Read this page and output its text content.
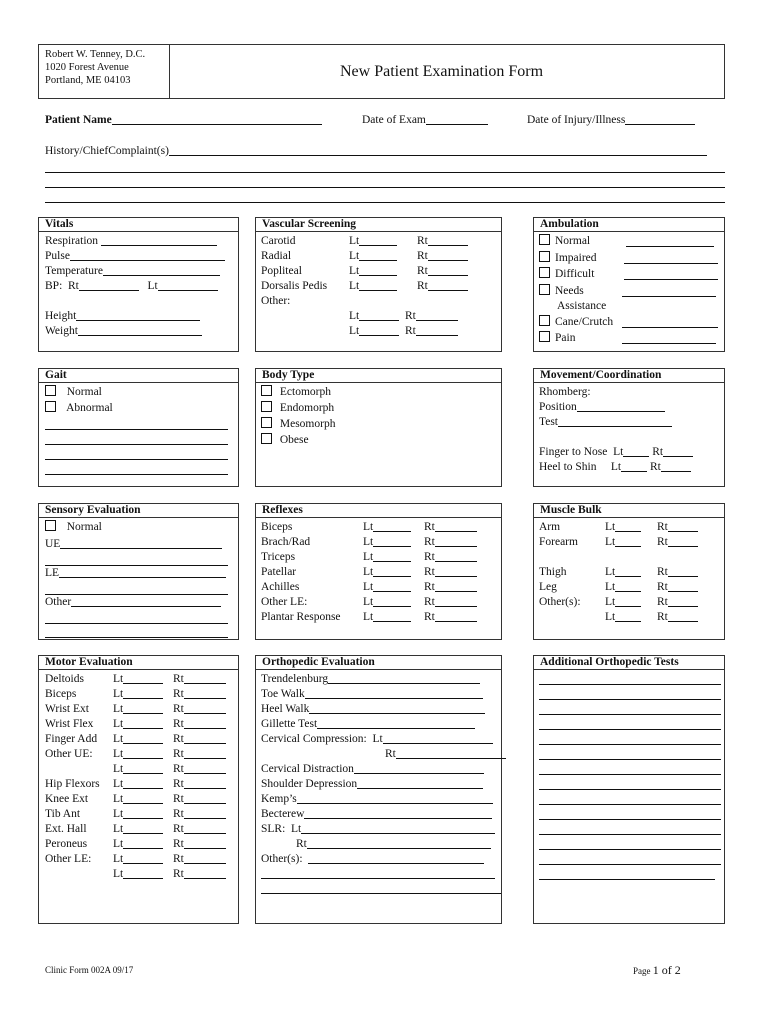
Robert W. Tenney, D.C.
1020 Forest Avenue
Portland, ME 04103
New Patient Examination Form
Patient Name	Date of Exam	Date of Injury/Illness
History/ChiefComplaint(s)
Vitals
Respiration
Pulse
Temperature
BP:  Rt	Lt
Height
Weight
Vascular Screening	Ambulation
Assistance
Gait
Normal
Abnormal
Body Type	Movement/Coordination
Rhomberg:
Position
Test
Finger to Nose Lt	Rt
Heel to Shin Lt	Rt
Sensory Evaluation
Normal
UE
LE
Other
Reflexes	Muscle Bulk
Motor Evaluation	Orthopedic Evaluation	Additional Orthopedic Tests
Clinic Form 002A 09/17	Page 1 of 2
Carotid	Lt	Rt
Radial	Lt	Rt
Popliteal	Lt	Rt
Dorsalis Pedis Lt	Rt
Other:
Lt	Rt
Lt	Rt
Normal
Impaired
Difficult
Needs
Cane/Crutch
Pain
Ectomorph
Endomorph
Mesomorph
Obese
Biceps	Lt	Rt
Brach/Rad	Lt	Rt
Triceps	Lt	Rt
Patellar	Lt	Rt
Achilles	Lt	Rt
Other LE:	Lt	Rt
Plantar Response Lt	Rt
Arm	Lt	Rt
Forearm Lt	Rt
Thigh	Lt	Rt
Leg	Lt	Rt
Other(s): Lt	Rt
Lt	Rt
Deltoids	Lt	Rt
Biceps	Lt	Rt
Wrist Ext Lt	Rt
Wrist Flex Lt	Rt
Finger Add Lt	Rt
Other UE: Lt	Rt
Lt	Rt
Hip Flexors Lt	Rt
Knee Ext Lt	Rt
Tib Ant	Lt	Rt
Ext. Hall Lt	Rt
Peroneus Lt	Rt
Other LE: Lt	Rt
Lt	Rt
Trendelenburg
Toe Walk
Heel Walk
Gillette Test
Cervical Compression:  Lt
Rt
Cervical Distraction
Shoulder Depression
Kemp’s
Becterew
SLR:  Lt
Rt
Other(s):
